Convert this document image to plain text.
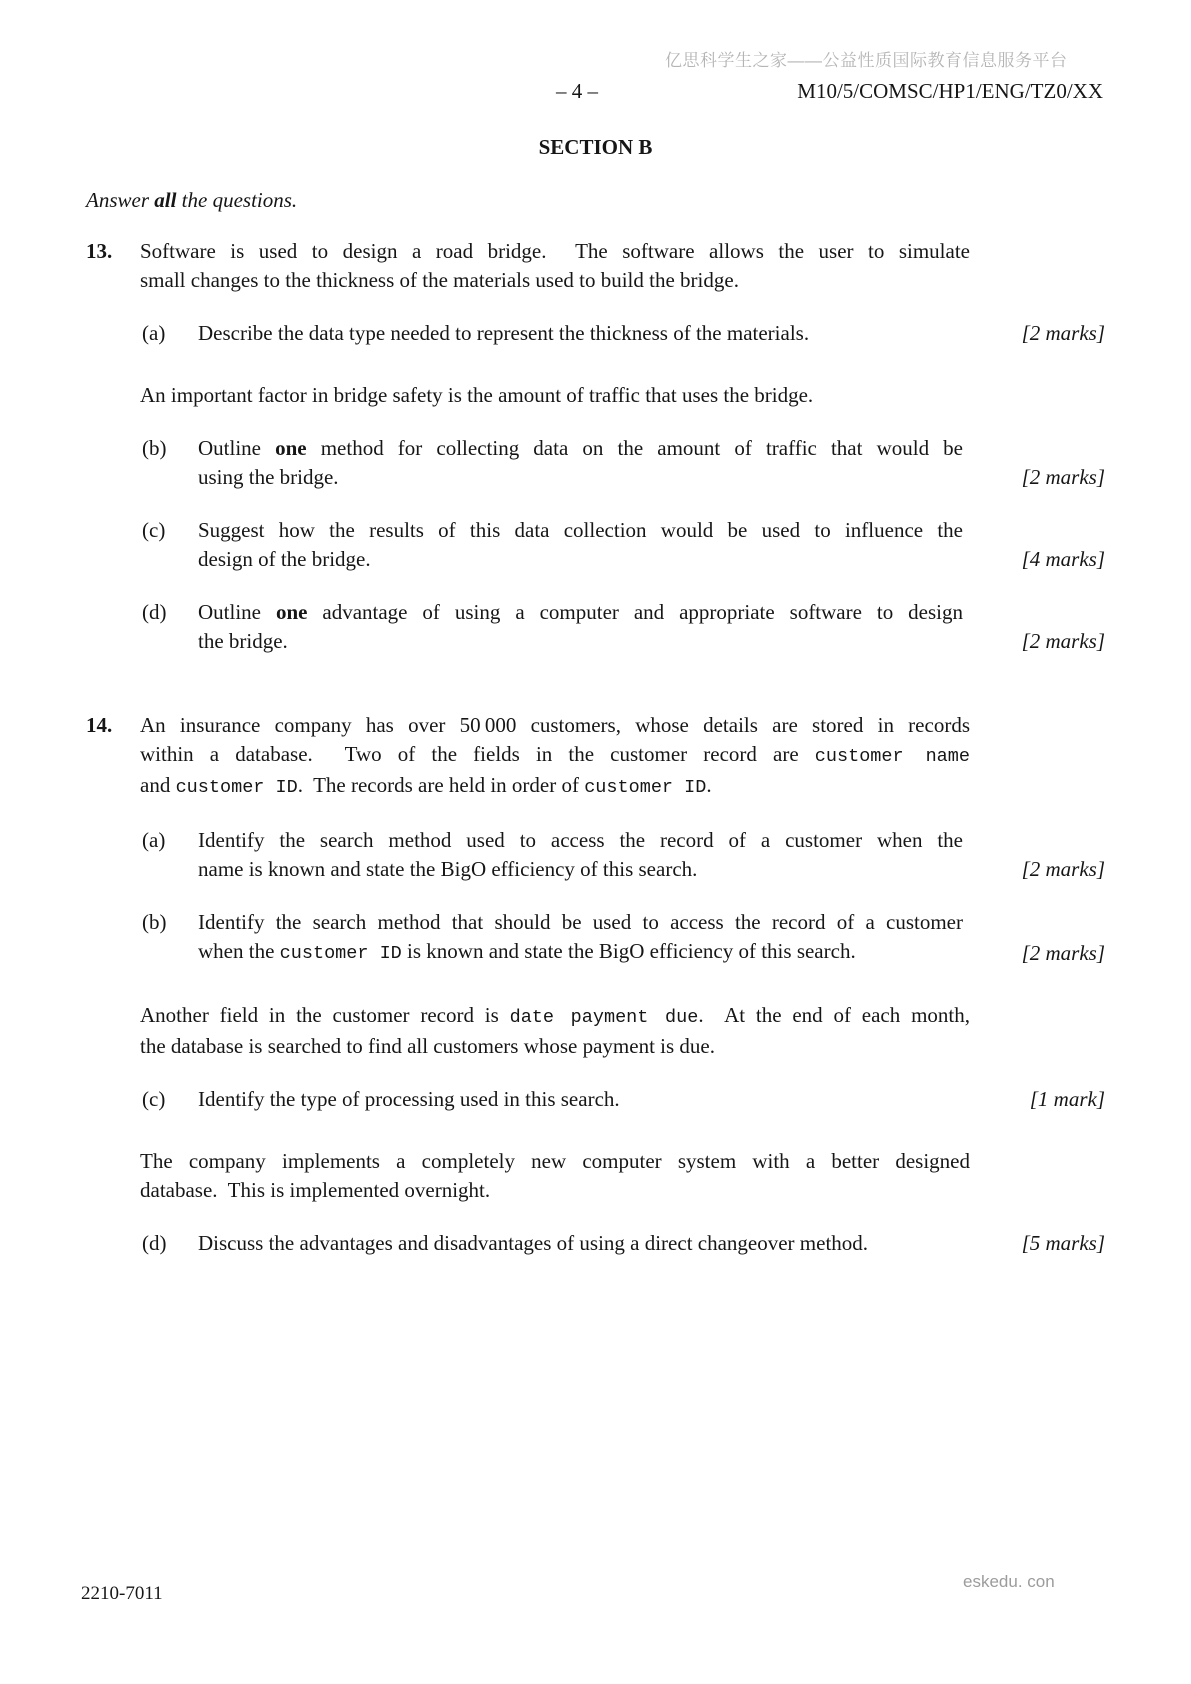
亿思科学生之家——公益性质国际教育信息服务平台
– 4 –	M10/5/COMSC/HP1/ENG/TZ0/XX
SECTION B
Answer all the questions.
13.	Software is used to design a road bridge.  The software allows the user to simulate
small changes to the thickness of the materials used to build the bridge.
(a)	Describe the data type needed to represent the thickness of the materials.	[2 marks]
An important factor in bridge safety is the amount of traffic that uses the bridge.
(b)	Outline one method for collecting data on the amount of traffic that would be
using the bridge.	[2 marks]
(c)	Suggest how the results of this data collection would be used to influence the
design of the bridge.	[4 marks]
(d)	Outline one advantage of using a computer and appropriate software to design
the bridge.	[2 marks]
14.	An insurance company has over 50 000 customers, whose details are stored in records
within a database.  Two of the fields in the customer record are customer name
and customer ID.  The records are held in order of customer ID.
(a)	Identify the search method used to access the record of a customer when the
name is known and state the BigO efficiency of this search.	[2 marks]
(b)	Identify the search method that should be used to access the record of a customer
when the customer ID is known and state the BigO efficiency of this search.	[2 marks]
Another field in the customer record is date payment due.  At the end of each month,
the database is searched to find all customers whose payment is due.
(c)	Identify the type of processing used in this search.	[1 mark]
The company implements a completely new computer system with a better designed
database.  This is implemented overnight.
(d)	Discuss the advantages and disadvantages of using a direct changeover method.	[5 marks]
2210-7011
eskedu. con
